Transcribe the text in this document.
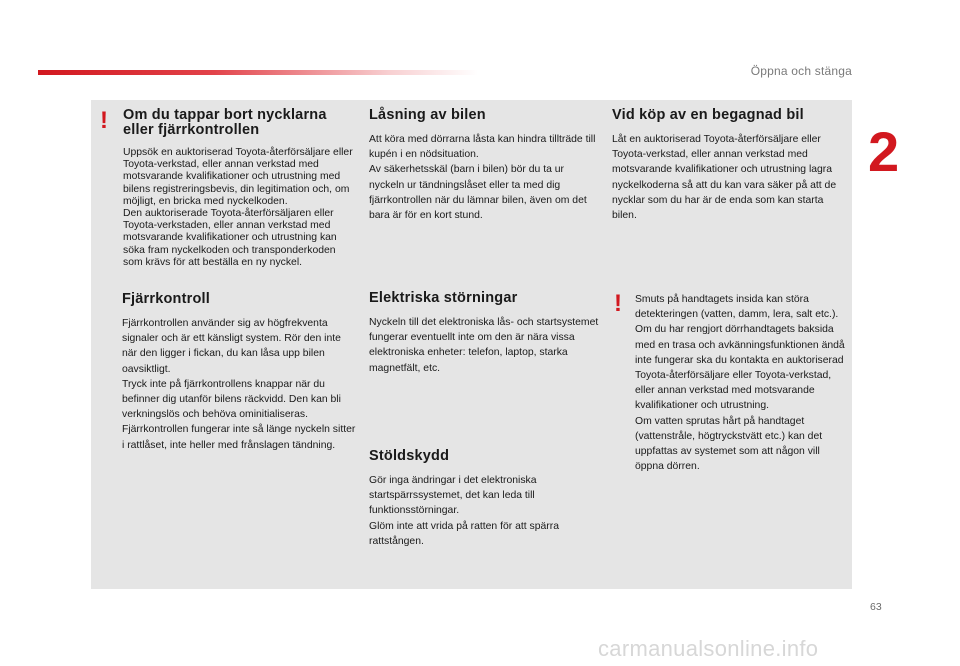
Öppna och stänga
2
! Om du tappar bort nycklarna eller fjärrkontrollen

Uppsök en auktoriserad Toyota-återförsäljare eller Toyota-verkstad, eller annan verkstad med motsvarande kvalifikationer och utrustning med bilens registreringsbevis, din legitimation och, om möjligt, en bricka med nyckelkoden.
Den auktoriserade Toyota-återförsäljaren eller Toyota-verkstaden, eller annan verkstad med motsvarande kvalifikationer och utrustning kan söka fram nyckelkoden och transponderkoden som krävs för att beställa en ny nyckel.

Fjärrkontroll

Fjärrkontrollen använder sig av högfrekventa signaler och är ett känsligt system. Rör den inte när den ligger i fickan, du kan låsa upp bilen oavsiktligt.
Tryck inte på fjärrkontrollens knappar när du befinner dig utanför bilens räckvidd. Den kan bli verkningslös och behöva ominitialiseras.
Fjärrkontrollen fungerar inte så länge nyckeln sitter i rattlåset, inte heller med frånslagen tändning.

Låsning av bilen

Att köra med dörrarna låsta kan hindra tillträde till kupén i en nödsituation.
Av säkerhetsskäl (barn i bilen) bör du ta ur nyckeln ur tändningslåset eller ta med dig fjärrkontrollen när du lämnar bilen, även om det bara är för en kort stund.

Elektriska störningar

Nyckeln till det elektroniska lås- och startsystemet fungerar eventuellt inte om den är nära vissa elektroniska enheter: telefon, laptop, starka magnetfält, etc.

Stöldskydd

Gör inga ändringar i det elektroniska startspärrssystemet, det kan leda till funktionsstörningar.
Glöm inte att vrida på ratten för att spärra rattstången.

Vid köp av en begagnad bil

Låt en auktoriserad Toyota-återförsäljare eller Toyota-verkstad, eller annan verkstad med motsvarande kvalifikationer och utrustning lagra nyckelkoderna så att du kan vara säker på att de nycklar som du har är de enda som kan starta bilen.

! Smuts på handtagets insida kan störa detekteringen (vatten, damm, lera, salt etc.).
Om du har rengjort dörrhandtagets baksida med en trasa och avkänningsfunktionen ändå inte fungerar ska du kontakta en auktoriserad Toyota-återförsäljare eller Toyota-verkstad, eller annan verkstad med motsvarande kvalifikationer och utrustning.
Om vatten sprutas hårt på handtaget (vattenstråle, högtryckstvätt etc.) kan det uppfattas av systemet som att någon vill öppna dörren.

63
carmanualsonline.info
